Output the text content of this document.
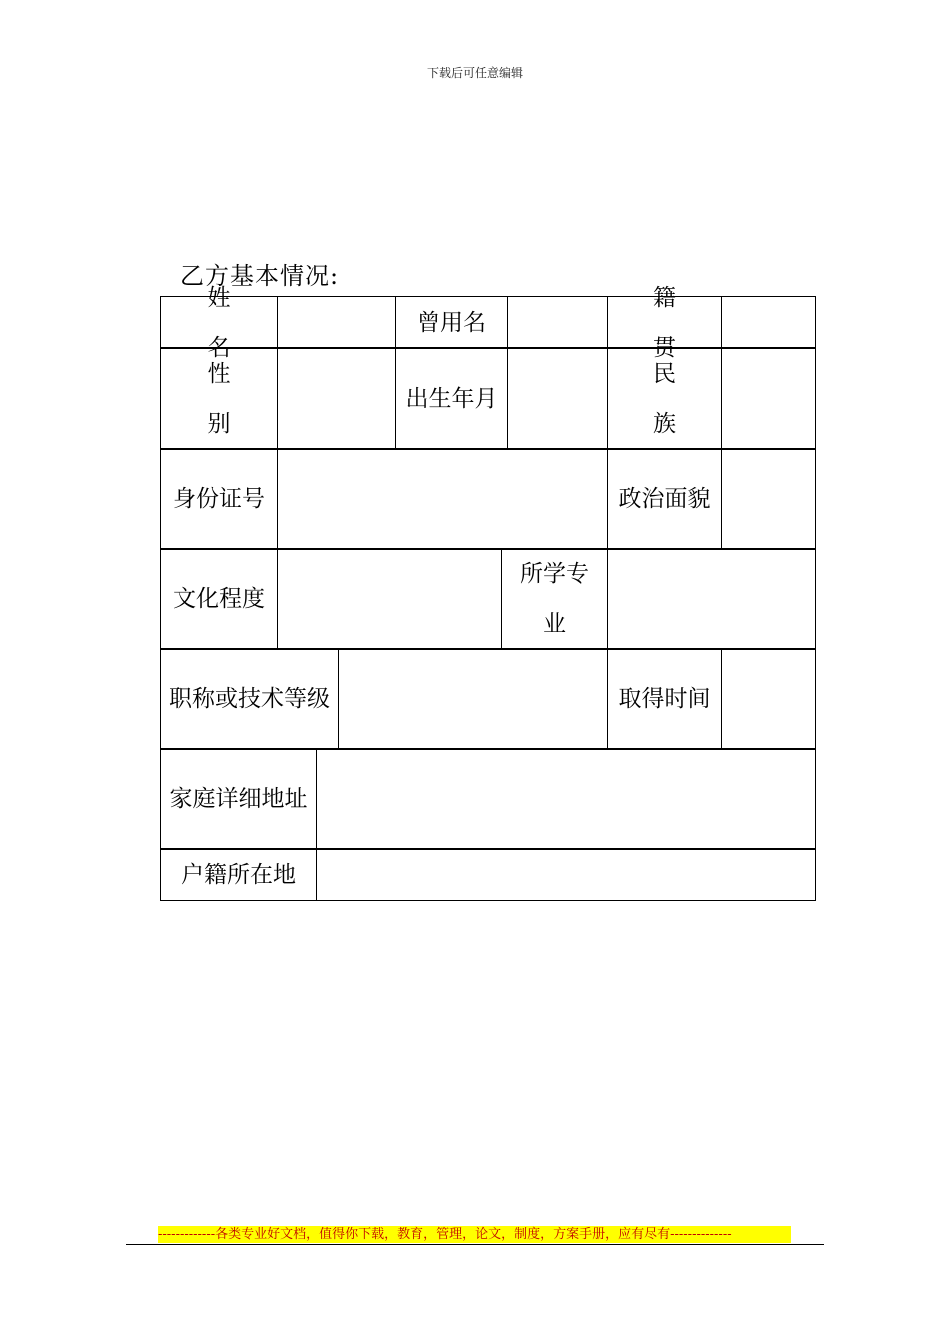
下载后可任意编辑
乙方基本情况:
姓名
曾用名
籍贯
性别
出生年月
民族
身份证号	政治面貌
文化程度
所学专业
职称或技术等级	取得时间
家庭详细地址
户籍所在地
-------------各类专业好文档，值得你下载，教育，管理，论文，制度，方案手册，应有尽有--------------
